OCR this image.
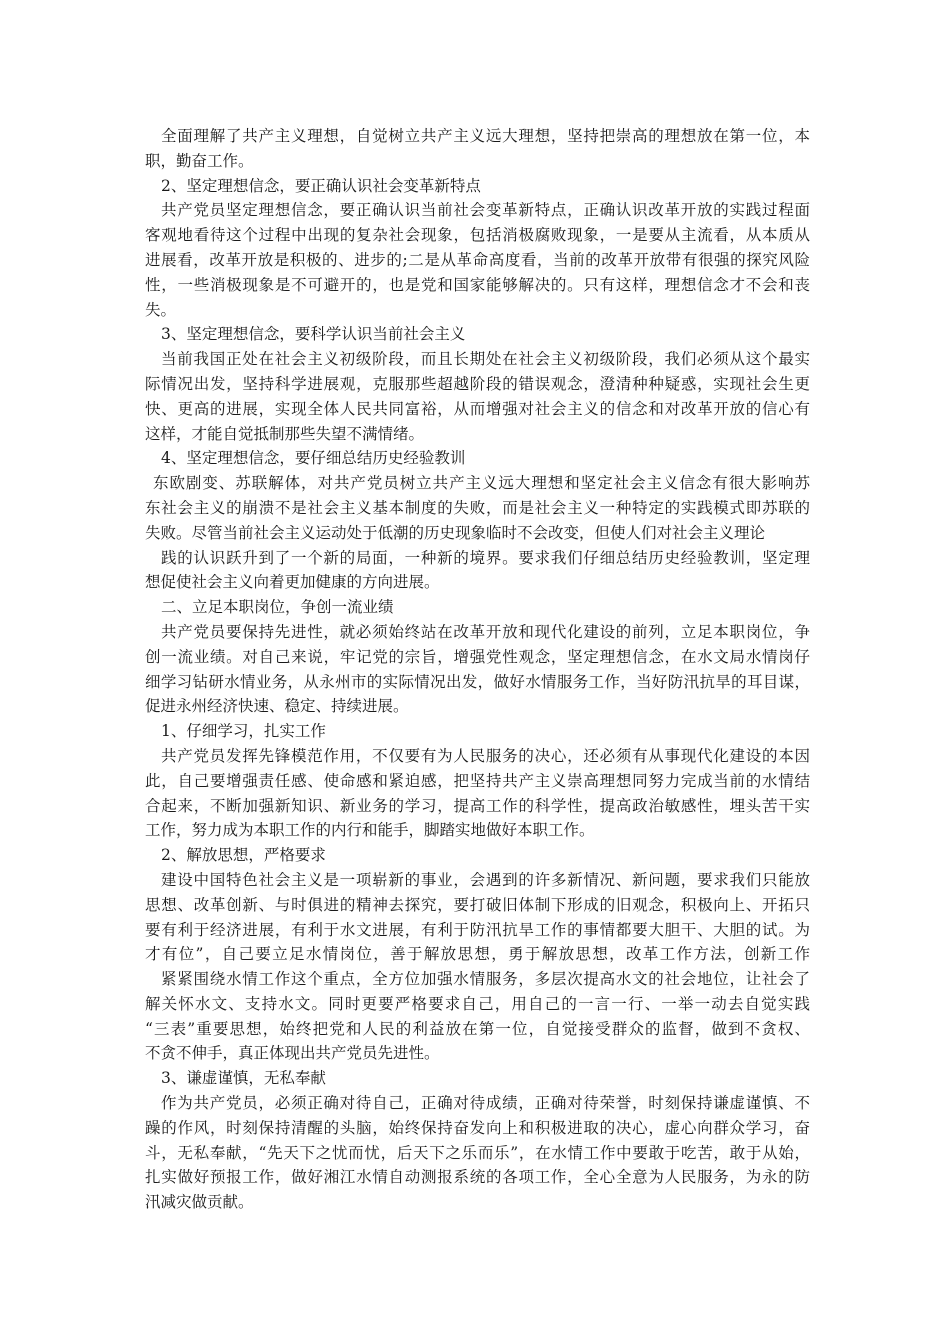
全面理解了共产主义理想，自觉树立共产主义远大理想，坚持把崇高的理想放在第一位，本
职，勤奋工作。
2、坚定理想信念，要正确认识社会变革新特点
共产党员坚定理想信念，要正确认识当前社会变革新特点，正确认识改革开放的实践过程面
客观地看待这个过程中出现的复杂社会现象，包括消极腐败现象，一是要从主流看，从本质从
进展看，改革开放是积极的、进步的;二是从革命高度看，当前的改革开放带有很强的探究风险
性，一些消极现象是不可避开的，也是党和国家能够解决的。只有这样，理想信念才不会和丧
失。
3、坚定理想信念，要科学认识当前社会主义
当前我国正处在社会主义初级阶段，而且长期处在社会主义初级阶段，我们必须从这个最实
际情况出发，坚持科学进展观，克服那些超越阶段的错误观念，澄清种种疑惑，实现社会生更
快、更高的进展，实现全体人民共同富裕，从而增强对社会主义的信念和对改革开放的信心有
这样，才能自觉抵制那些失望不满情绪。
4、坚定理想信念，要仔细总结历史经验教训
东欧剧变、苏联解体，对共产党员树立共产主义远大理想和坚定社会主义信念有很大影响苏
东社会主义的崩溃不是社会主义基本制度的失败，而是社会主义一种特定的实践模式即苏联的
失败。尽管当前社会主义运动处于低潮的历史现象临时不会改变，但使人们对社会主义理论
践的认识跃升到了一个新的局面，一种新的境界。要求我们仔细总结历史经验教训，坚定理
想促使社会主义向着更加健康的方向进展。
二、立足本职岗位，争创一流业绩
共产党员要保持先进性，就必须始终站在改革开放和现代化建设的前列，立足本职岗位，争
创一流业绩。对自己来说，牢记党的宗旨，增强党性观念，坚定理想信念，在水文局水情岗仔
细学习钻研水情业务，从永州市的实际情况出发，做好水情服务工作，当好防汛抗旱的耳目谋，
促进永州经济快速、稳定、持续进展。
1、仔细学习，扎实工作
共产党员发挥先锋模范作用，不仅要有为人民服务的决心，还必须有从事现代化建设的本因
此，自己要增强责任感、使命感和紧迫感，把坚持共产主义崇高理想同努力完成当前的水情结
合起来，不断加强新知识、新业务的学习，提高工作的科学性，提高政治敏感性，埋头苦干实
工作，努力成为本职工作的内行和能手，脚踏实地做好本职工作。
2、解放思想，严格要求
建设中国特色社会主义是一项崭新的事业，会遇到的许多新情况、新问题，要求我们只能放
思想、改革创新、与时俱进的精神去探究，要打破旧体制下形成的旧观念，积极向上、开拓只
要有利于经济进展，有利于水文进展，有利于防汛抗旱工作的事情都要大胆干、大胆的试。为
才有位”，自己要立足水情岗位，善于解放思想，勇于解放思想，改革工作方法，创新工作
紧紧围绕水情工作这个重点，全方位加强水情服务，多层次提高水文的社会地位，让社会了
解关怀水文、支持水文。同时更要严格要求自己，用自己的一言一行、一举一动去自觉实践
“三表”重要思想，始终把党和人民的利益放在第一位，自觉接受群众的监督，做到不贪权、
不贪不伸手，真正体现出共产党员先进性。
3、谦虚谨慎，无私奉献
作为共产党员，必须正确对待自己，正确对待成绩，正确对待荣誉，时刻保持谦虚谨慎、不
躁的作风，时刻保持清醒的头脑，始终保持奋发向上和积极进取的决心，虚心向群众学习，奋
斗，无私奉献，“先天下之忧而忧，后天下之乐而乐”，在水情工作中要敢于吃苦，敢于从始，
扎实做好预报工作，做好湘江水情自动测报系统的各项工作，全心全意为人民服务，为永的防
汛减灾做贡献。
